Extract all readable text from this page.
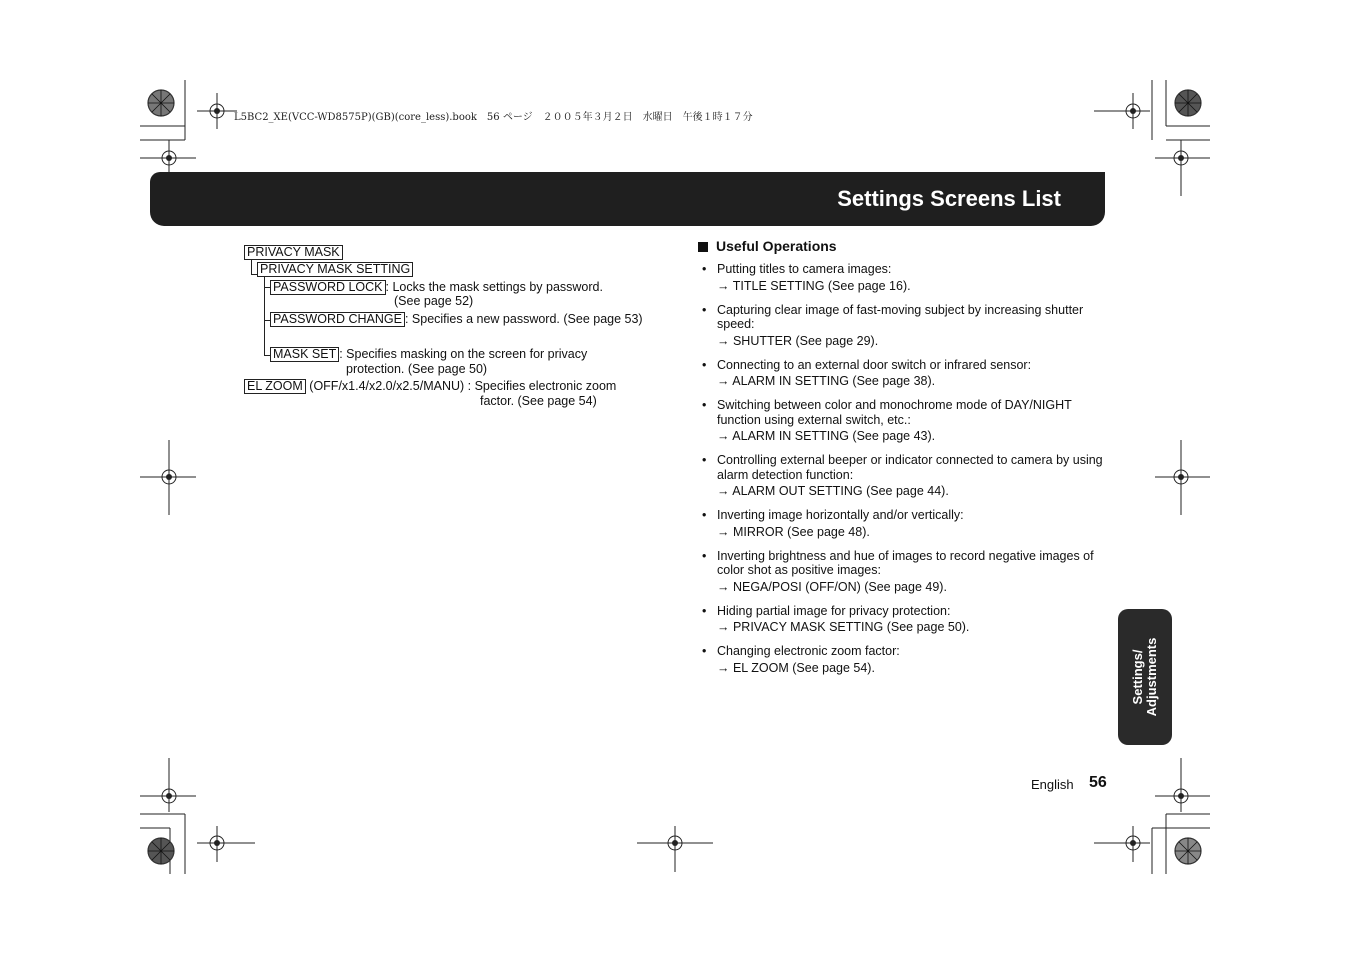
L5BC2_XE(VCC-WD8575P)(GB)(core_less).book　56 ページ　２００５年３月２日　水曜日　午後１時１７分
Settings Screens List
PRIVACY MASK
PRIVACY MASK SETTING
PASSWORD LOCK : Locks the mask settings by password.
(See page 52)
PASSWORD CHANGE : Specifies a new password. (See page 53)
MASK SET : Specifies masking on the screen for privacy
protection. (See page 50)
EL ZOOM (OFF/x1.4/x2.0/x2.5/MANU) : Specifies electronic zoom
factor. (See page 54)
Useful Operations
• Putting titles to camera images:
→ TITLE SETTING (See page 16).
• Capturing clear image of fast-moving subject by increasing shutter speed:
→ SHUTTER (See page 29).
• Connecting to an external door switch or infrared sensor:
→ ALARM IN SETTING (See page 38).
• Switching between color and monochrome mode of DAY/NIGHT function using external switch, etc.:
→ ALARM IN SETTING (See page 43).
• Controlling external beeper or indicator connected to camera by using alarm detection function:
→ ALARM OUT SETTING (See page 44).
• Inverting image horizontally and/or vertically:
→ MIRROR (See page 48).
• Inverting brightness and hue of images to record negative images of color shot as positive images:
→ NEGA/POSI (OFF/ON) (See page 49).
• Hiding partial image for privacy protection:
→ PRIVACY MASK SETTING (See page 50).
• Changing electronic zoom factor:
→ EL ZOOM (See page 54).	Settings/ Adjustments
English 56
